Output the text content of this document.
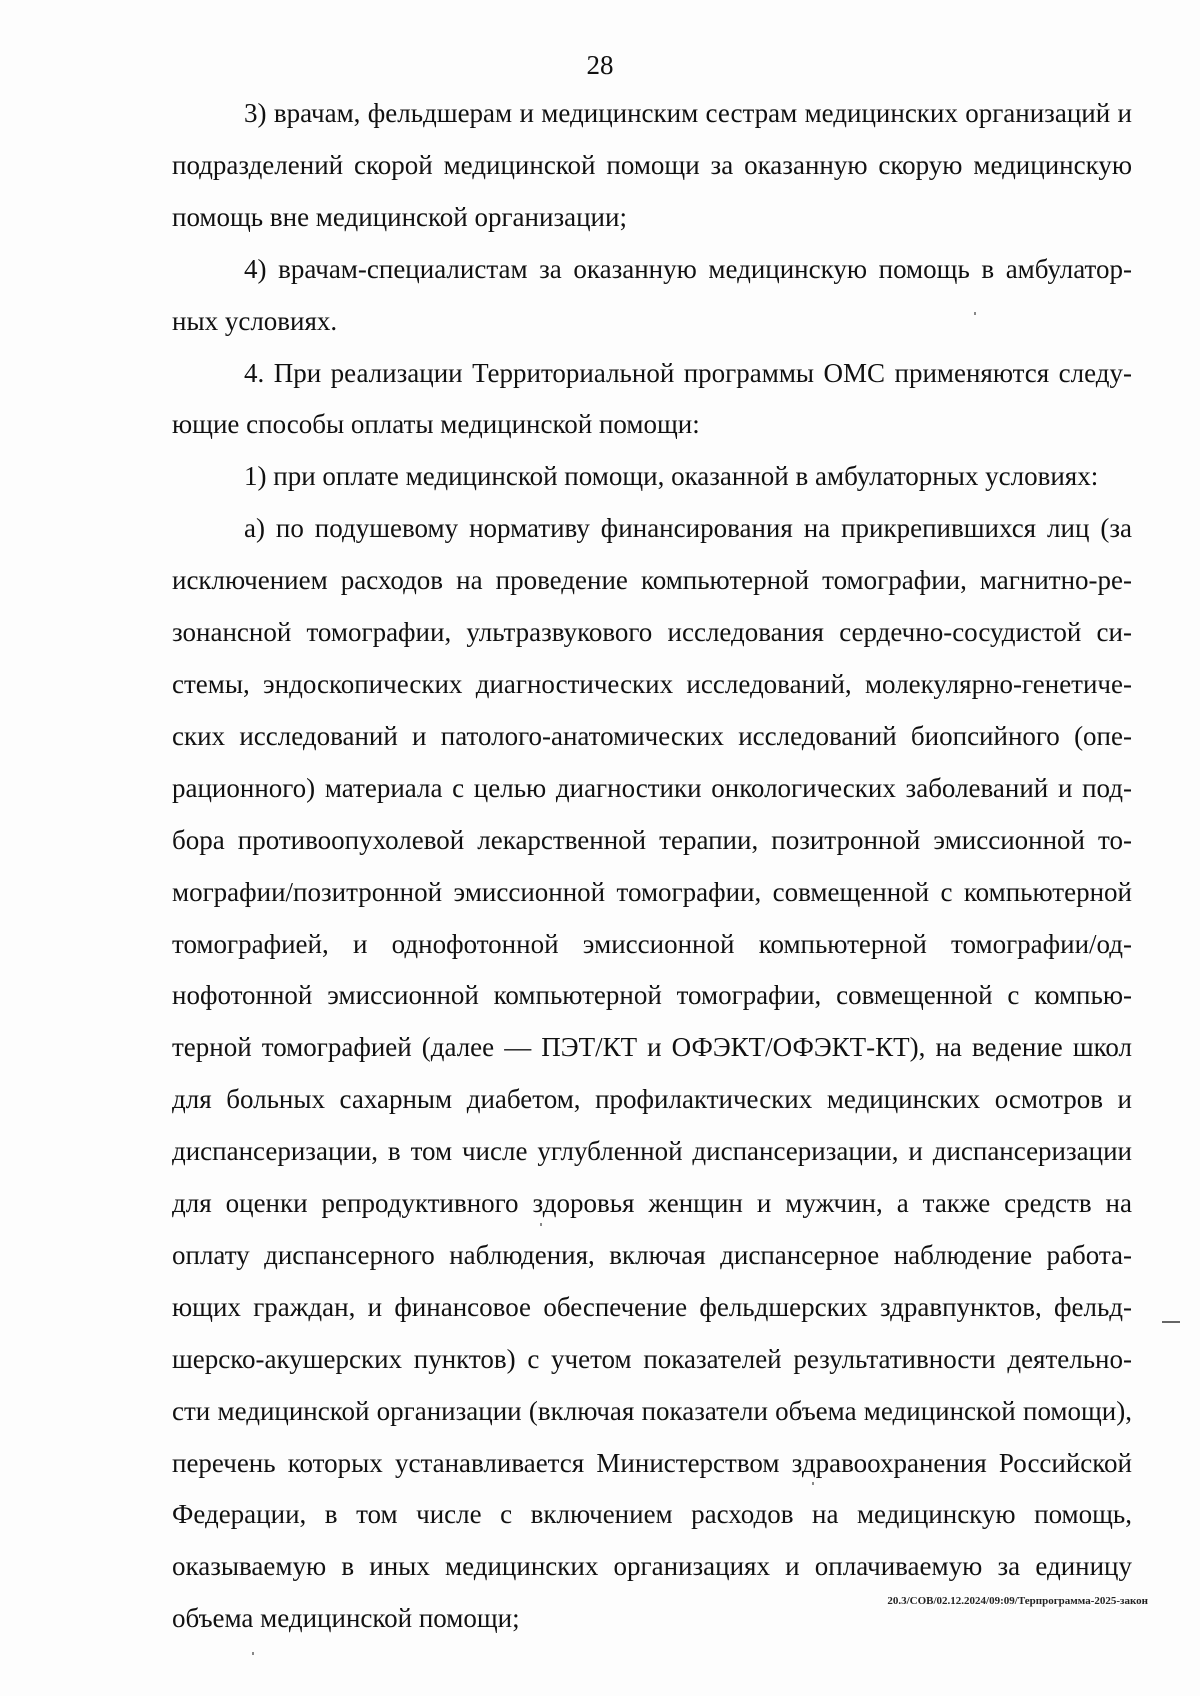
28

3) врачам, фельдшерам и медицинским сестрам медицинских организаций и подразделений скорой медицинской помощи за оказанную скорую медицинскую помощь вне медицинской организации;

4) врачам-специалистам за оказанную медицинскую помощь в амбулаторных условиях.

4. При реализации Территориальной программы ОМС применяются следующие способы оплаты медицинской помощи:

1) при оплате медицинской помощи, оказанной в амбулаторных условиях:

а) по подушевому нормативу финансирования на прикрепившихся лиц (за исключением расходов на проведение компьютерной томографии, магнитно-резонансной томографии, ультразвукового исследования сердечно-сосудистой системы, эндоскопических диагностических исследований, молекулярно-генетических исследований и патолого-анатомических исследований биопсийного (операционного) материала с целью диагностики онкологических заболеваний и подбора противоопухолевой лекарственной терапии, позитронной эмиссионной томографии/позитронной эмиссионной томографии, совмещенной с компьютерной томографией, и однофотонной эмиссионной компьютерной томографии/однофотонной эмиссионной компьютерной томографии, совмещенной с компьютерной томографией (далее — ПЭТ/КТ и ОФЭКТ/ОФЭКТ-КТ), на ведение школ для больных сахарным диабетом, профилактических медицинских осмотров и диспансеризации, в том числе углубленной диспансеризации, и диспансеризации для оценки репродуктивного здоровья женщин и мужчин, а также средств на оплату диспансерного наблюдения, включая диспансерное наблюдение работающих граждан, и финансовое обеспечение фельдшерских здравпунктов, фельдшерско-акушерских пунктов) с учетом показателей результативности деятельности медицинской организации (включая показатели объема медицинской помощи), перечень которых устанавливается Министерством здравоохранения Российской Федерации, в том числе с включением расходов на медицинскую помощь, оказываемую в иных медицинских организациях и оплачиваемую за единицу объема медицинской помощи;

20.3/СОВ/02.12.2024/09:09/Терпрограмма-2025-закон
